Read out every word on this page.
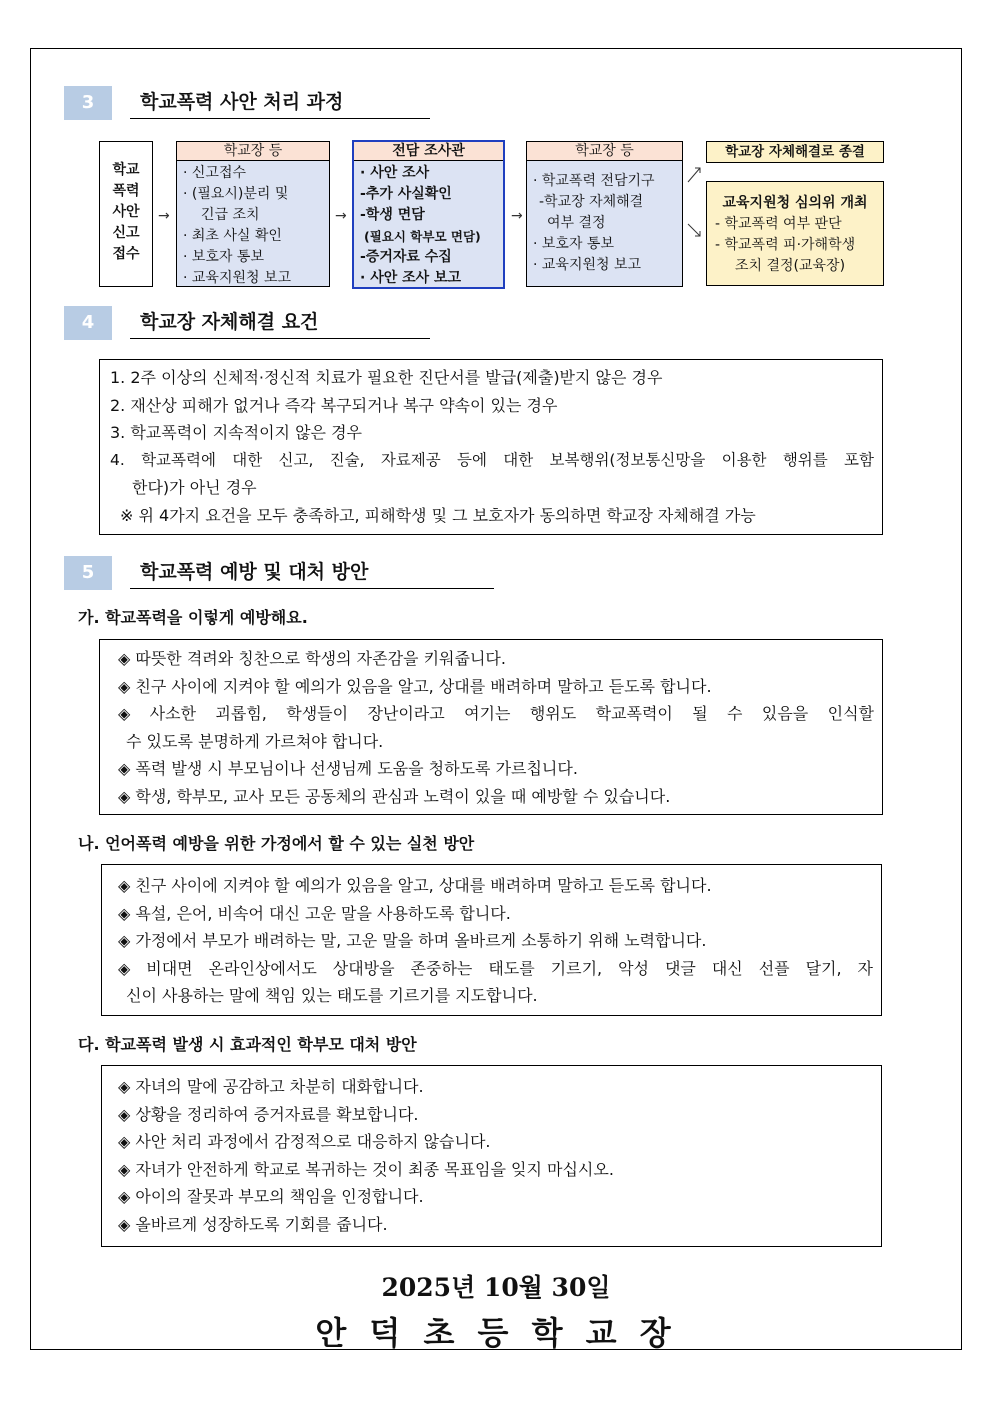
3	학교폭력 사안 처리 과정
학교
폭력
사안
신고
접수
→
학교장 등
· 신고접수
· (필요시)분리 및
긴급 조치
· 최초 사실 확인
· 보호자 통보
· 교육지원청 보고
→
전담 조사관
· 사안 조사
-추가 사실확인
-학생 면담
(필요시 학부모 면담)
-증거자료 수집
· 사안 조사 보고
→
학교장 등
· 학교폭력 전담기구
-학교장 자체해결
여부 결정
· 보호자 통보
· 교육지원청 보고
학교장 자체해결로 종결
교육지원청 심의위 개최
- 학교폭력 여부 판단
- 학교폭력 피·가해학생
조치 결정(교육장)
4	학교장 자체해결 요건
1. 2주 이상의 신체적·정신적 치료가 필요한 진단서를 발급(제출)받지 않은 경우
2. 재산상 피해가 없거나 즉각 복구되거나 복구 약속이 있는 경우
3. 학교폭력이 지속적이지 않은 경우
4. 학교폭력에 대한 신고, 진술, 자료제공 등에 대한 보복행위(정보통신망을 이용한 행위를 포함
한다)가 아닌 경우
※ 위 4가지 요건을 모두 충족하고, 피해학생 및 그 보호자가 동의하면 학교장 자체해결 가능
5	학교폭력 예방 및 대처 방안
가. 학교폭력을 이렇게 예방해요.
◈ 따뜻한 격려와 칭찬으로 학생의 자존감을 키워줍니다.
◈ 친구 사이에 지켜야 할 예의가 있음을 알고, 상대를 배려하며 말하고 듣도록 합니다.
◈ 사소한 괴롭힘, 학생들이 장난이라고 여기는 행위도 학교폭력이 될 수 있음을 인식할
수 있도록 분명하게 가르쳐야 합니다.
◈ 폭력 발생 시 부모님이나 선생님께 도움을 청하도록 가르칩니다.
◈ 학생, 학부모, 교사 모든 공동체의 관심과 노력이 있을 때 예방할 수 있습니다.
나. 언어폭력 예방을 위한 가정에서 할 수 있는 실천 방안
◈ 친구 사이에 지켜야 할 예의가 있음을 알고, 상대를 배려하며 말하고 듣도록 합니다.
◈ 욕설, 은어, 비속어 대신 고운 말을 사용하도록 합니다.
◈ 가정에서 부모가 배려하는 말, 고운 말을 하며 올바르게 소통하기 위해 노력합니다.
◈ 비대면 온라인상에서도 상대방을 존중하는 태도를 기르기, 악성 댓글 대신 선플 달기, 자
신이 사용하는 말에 책임 있는 태도를 기르기를 지도합니다.
다. 학교폭력 발생 시 효과적인 학부모 대처 방안
◈ 자녀의 말에 공감하고 차분히 대화합니다.
◈ 상황을 정리하여 증거자료를 확보합니다.
◈ 사안 처리 과정에서 감정적으로 대응하지 않습니다.
◈ 자녀가 안전하게 학교로 복귀하는 것이 최종 목표임을 잊지 마십시오.
◈ 아이의 잘못과 부모의 책임을 인정합니다.
◈ 올바르게 성장하도록 기회를 줍니다.
2025년 10월 30일
안 덕 초 등 학 교 장
